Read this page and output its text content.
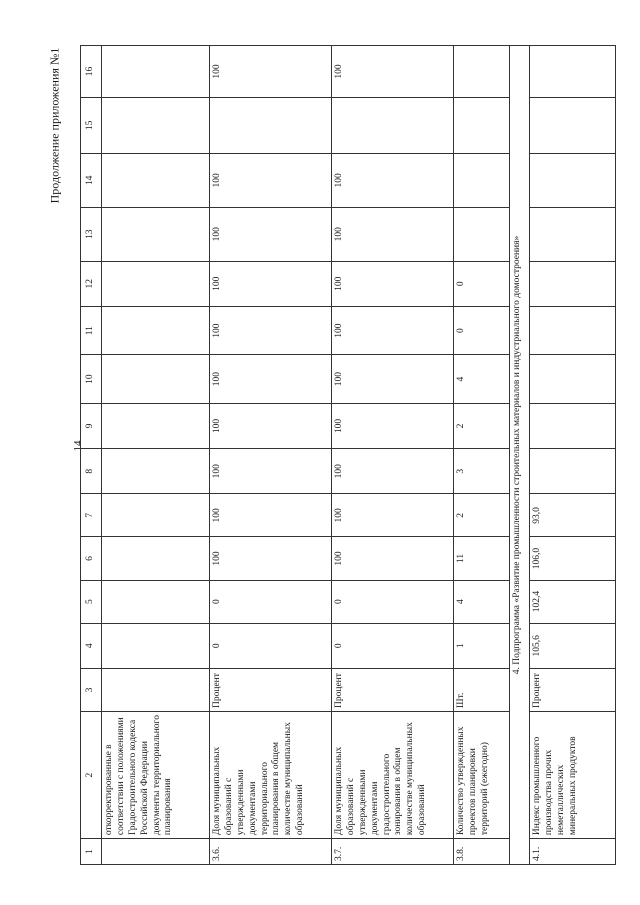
14
Продолжение приложения №1
1	2	3	4	5	6	7	8	9	10	11	12	13	14	15	16
	откорректированные в соответствии с положениями Градостроительного кодекса Российской Федерации документы территориального планирования														
3.6.	Доля муниципальных образований с утвержденными документами территориального планирования в общем количестве муниципальных образований	Процент	0	0	100	100	100	100	100	100	100	100	100		100
3.7.	Доля муниципальных образований с утвержденными документами градостроительного зонирования в общем количестве муниципальных образований	Процент	0	0	100	100	100	100	100	100	100	100	100		100
3.8.	Количество утвержденных проектов планировки территорий (ежегодно)	Шт.	1	4	11	2	3	2	4	0	0				
4. Подпрограмма «Развитие промышленности строительных материалов и индустриального домостроения»															
4.1.	Индекс промышленного производства прочих неметаллических минеральных продуктов	Процент	105,6	102,4	106,0	93,0									
